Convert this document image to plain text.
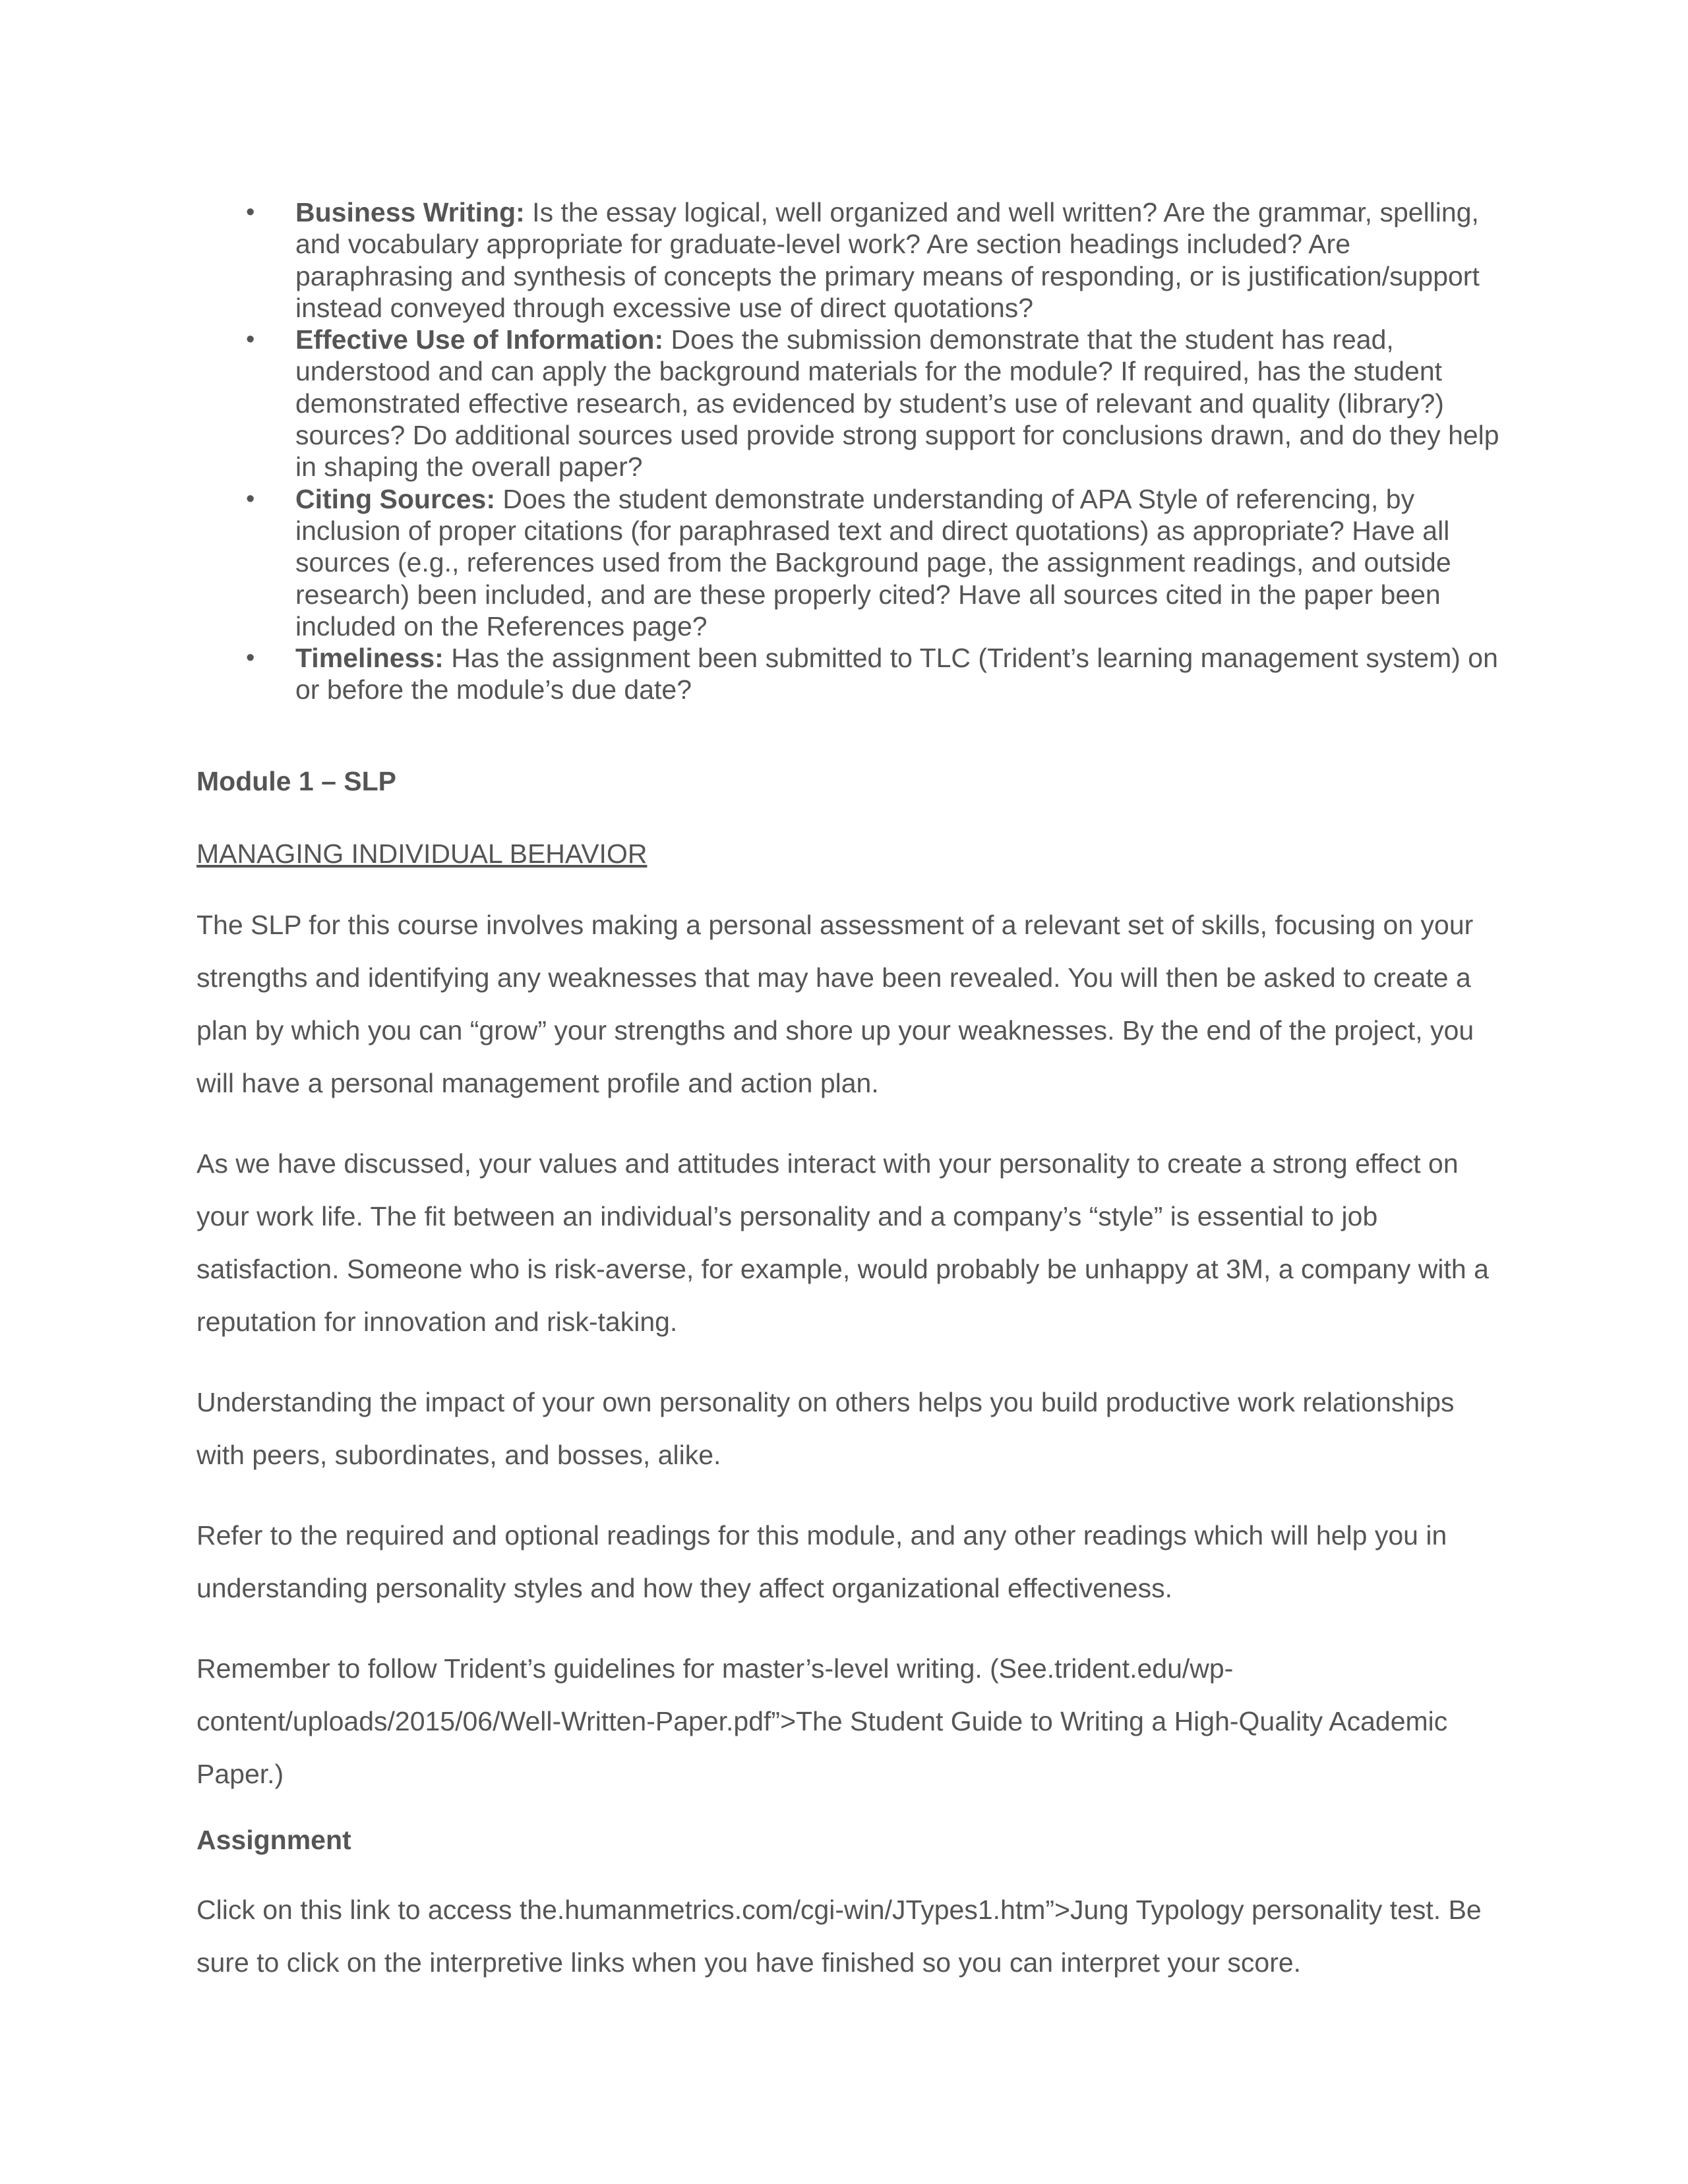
• Business Writing: Is the essay logical, well organized and well written? Are the grammar, spelling, and vocabulary appropriate for graduate-level work? Are section headings included? Are paraphrasing and synthesis of concepts the primary means of responding, or is justification/support instead conveyed through excessive use of direct quotations?
• Effective Use of Information: Does the submission demonstrate that the student has read, understood and can apply the background materials for the module? If required, has the student demonstrated effective research, as evidenced by student’s use of relevant and quality (library?) sources? Do additional sources used provide strong support for conclusions drawn, and do they help in shaping the overall paper?
• Citing Sources: Does the student demonstrate understanding of APA Style of referencing, by inclusion of proper citations (for paraphrased text and direct quotations) as appropriate? Have all sources (e.g., references used from the Background page, the assignment readings, and outside research) been included, and are these properly cited? Have all sources cited in the paper been included on the References page?
• Timeliness: Has the assignment been submitted to TLC (Trident’s learning management system) on or before the module’s due date?

Module 1 – SLP

MANAGING INDIVIDUAL BEHAVIOR

The SLP for this course involves making a personal assessment of a relevant set of skills, focusing on your strengths and identifying any weaknesses that may have been revealed. You will then be asked to create a plan by which you can “grow” your strengths and shore up your weaknesses. By the end of the project, you will have a personal management profile and action plan.

As we have discussed, your values and attitudes interact with your personality to create a strong effect on your work life. The fit between an individual’s personality and a company’s “style” is essential to job satisfaction. Someone who is risk-averse, for example, would probably be unhappy at 3M, a company with a reputation for innovation and risk-taking.

Understanding the impact of your own personality on others helps you build productive work relationships with peers, subordinates, and bosses, alike.

Refer to the required and optional readings for this module, and any other readings which will help you in understanding personality styles and how they affect organizational effectiveness.

Remember to follow Trident’s guidelines for master’s-level writing. (See.trident.edu/wp-content/uploads/2015/06/Well-Written-Paper.pdf”>The Student Guide to Writing a High-Quality Academic Paper.)

Assignment

Click on this link to access the.humanmetrics.com/cgi-win/JTypes1.htm”>Jung Typology personality test. Be sure to click on the interpretive links when you have finished so you can interpret your score.
